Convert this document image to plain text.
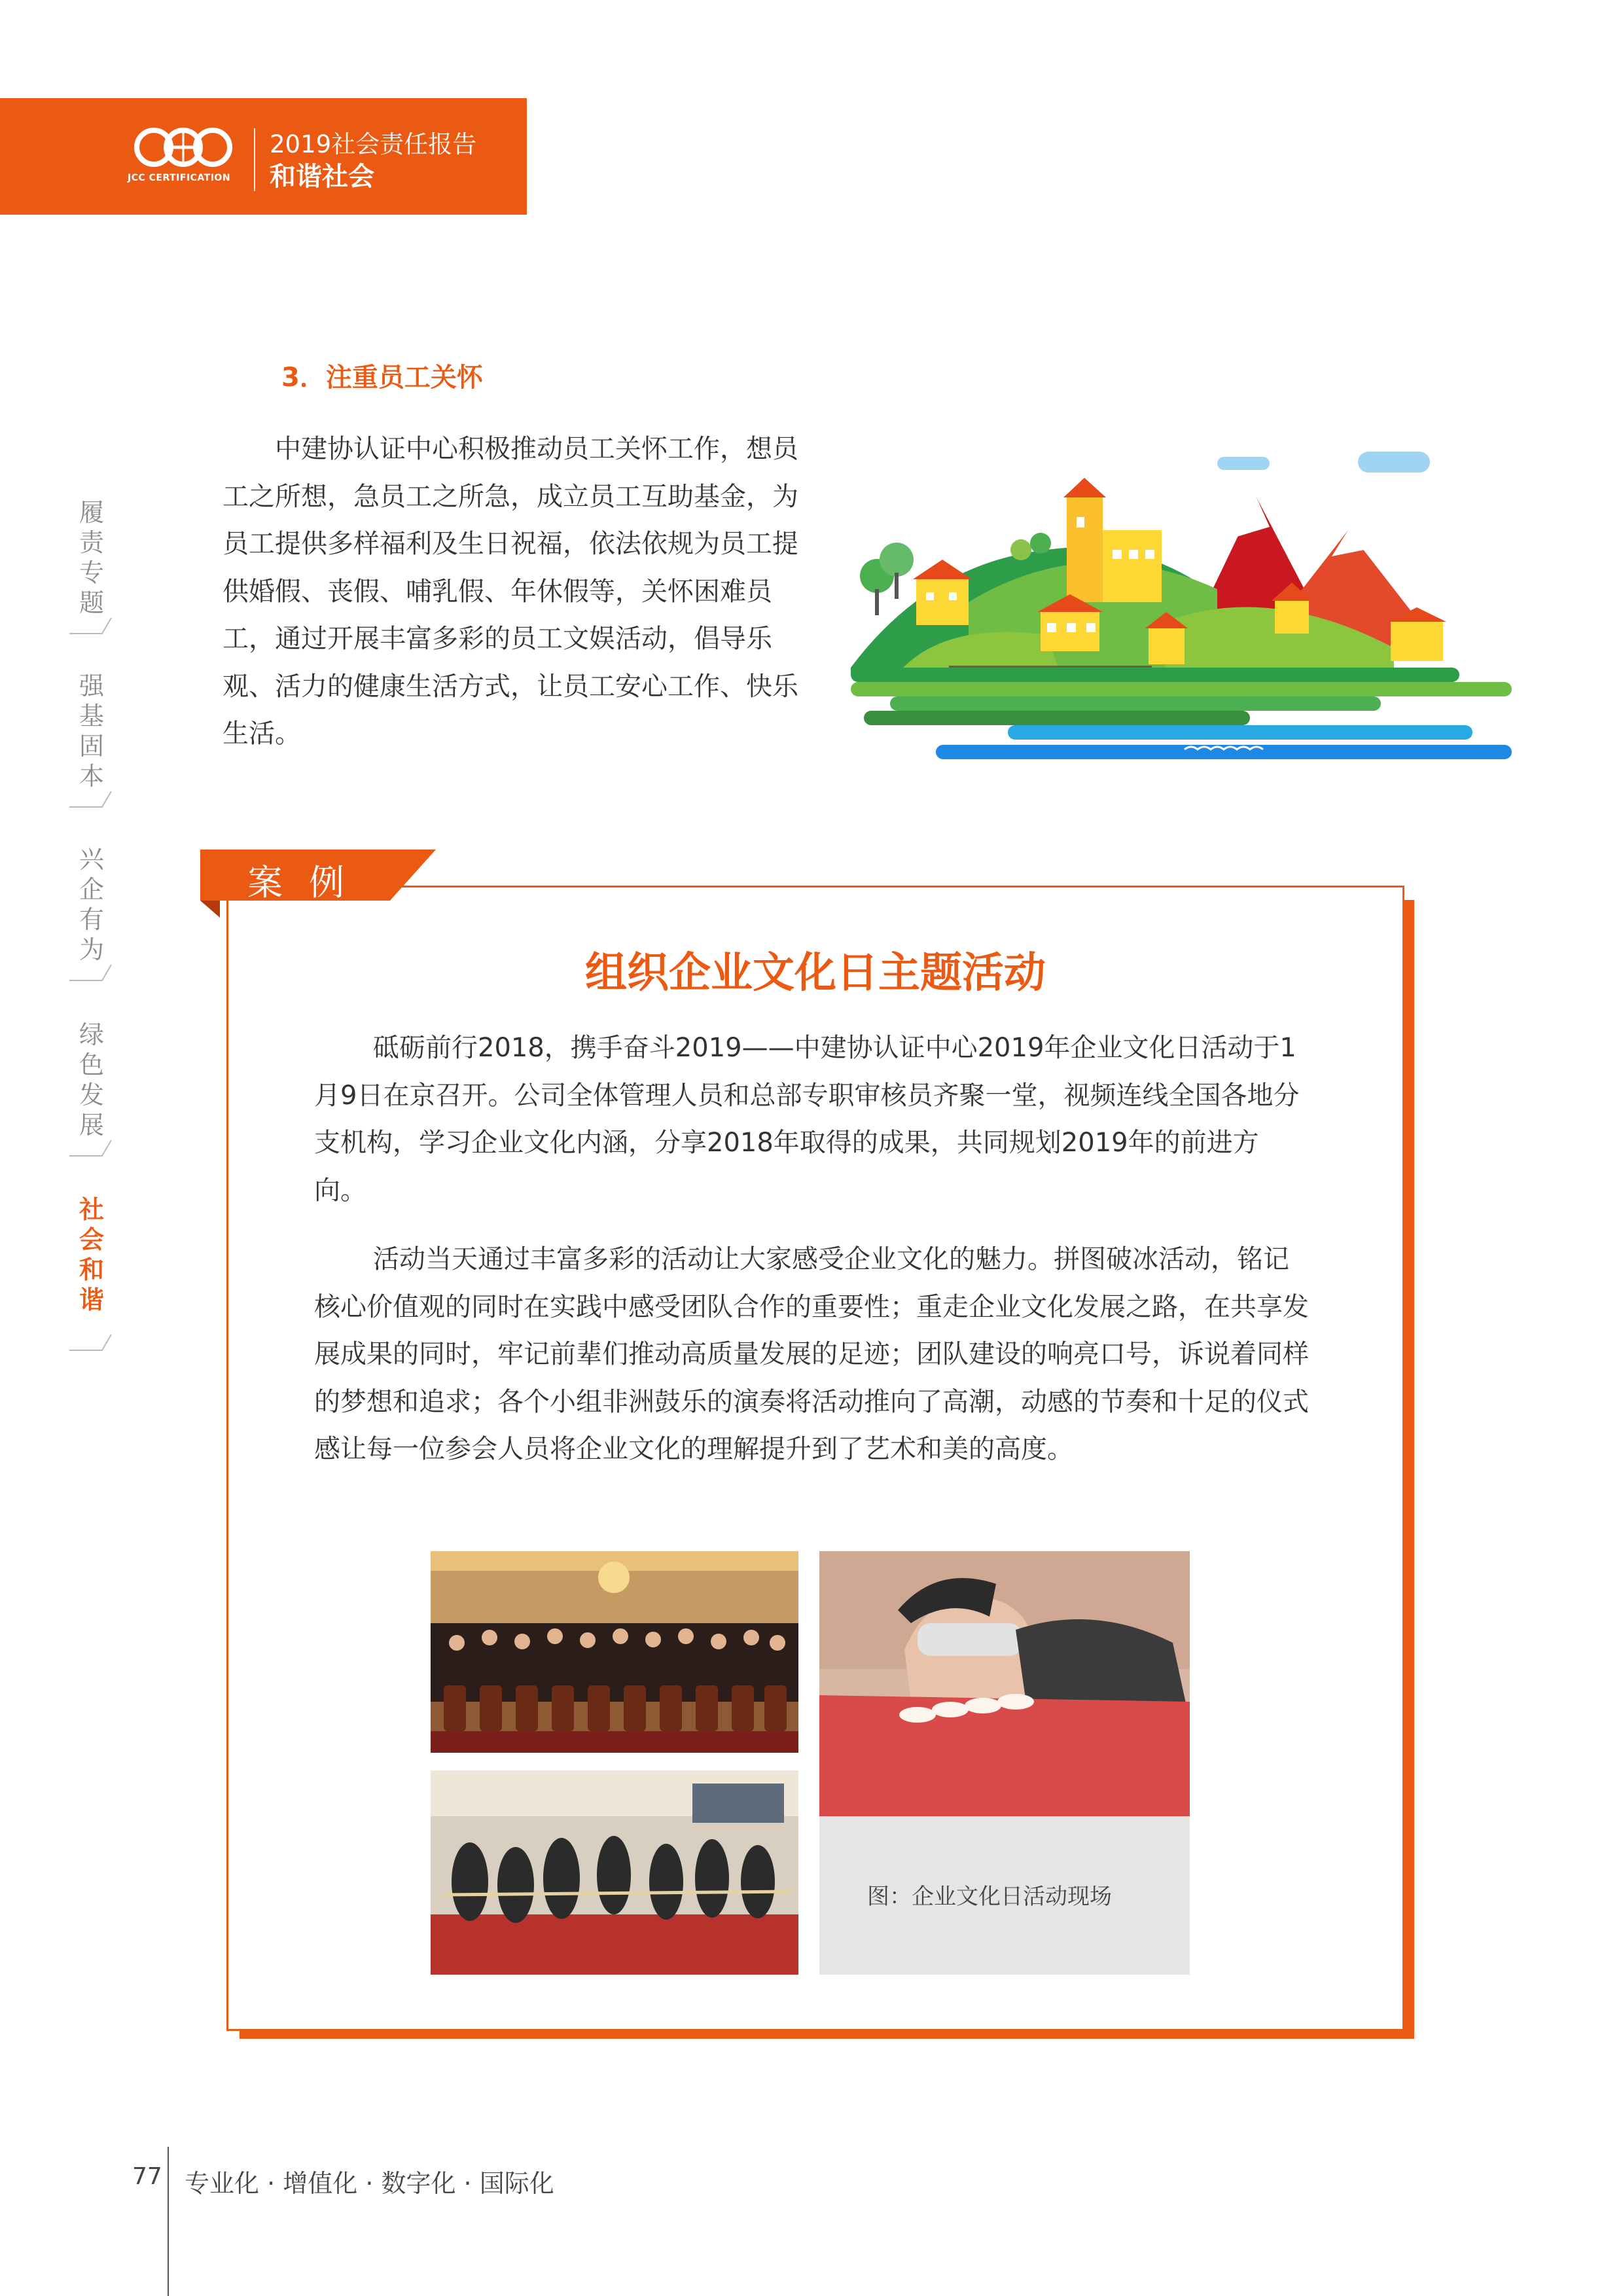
JCC CERTIFICATION
2019社会责任报告
和谐社会
履责专题
强基固本
兴企有为
绿色发展
社会和谐
3．注重员工关怀
中建协认证中心积极推动员工关怀工作，想员工之所想，急员工之所急，成立员工互助基金，为员工提供多样福利及生日祝福，依法依规为员工提供婚假、丧假、哺乳假、年休假等，关怀困难员工，通过开展丰富多彩的员工文娱活动，倡导乐观、活力的健康生活方式，让员工安心工作、快乐生活。
案例
组织企业文化日主题活动
砥砺前行2018，携手奋斗2019——中建协认证中心2019年企业文化日活动于1月9日在京召开。公司全体管理人员和总部专职审核员齐聚一堂，视频连线全国各地分支机构，学习企业文化内涵，分享2018年取得的成果，共同规划2019年的前进方向。
活动当天通过丰富多彩的活动让大家感受企业文化的魅力。拼图破冰活动，铭记核心价值观的同时在实践中感受团队合作的重要性；重走企业文化发展之路，在共享发展成果的同时，牢记前辈们推动高质量发展的足迹；团队建设的响亮口号，诉说着同样的梦想和追求；各个小组非洲鼓乐的演奏将活动推向了高潮，动感的节奏和十足的仪式感让每一位参会人员将企业文化的理解提升到了艺术和美的高度。
图：企业文化日活动现场
77 专业化 · 增值化 · 数字化 · 国际化
